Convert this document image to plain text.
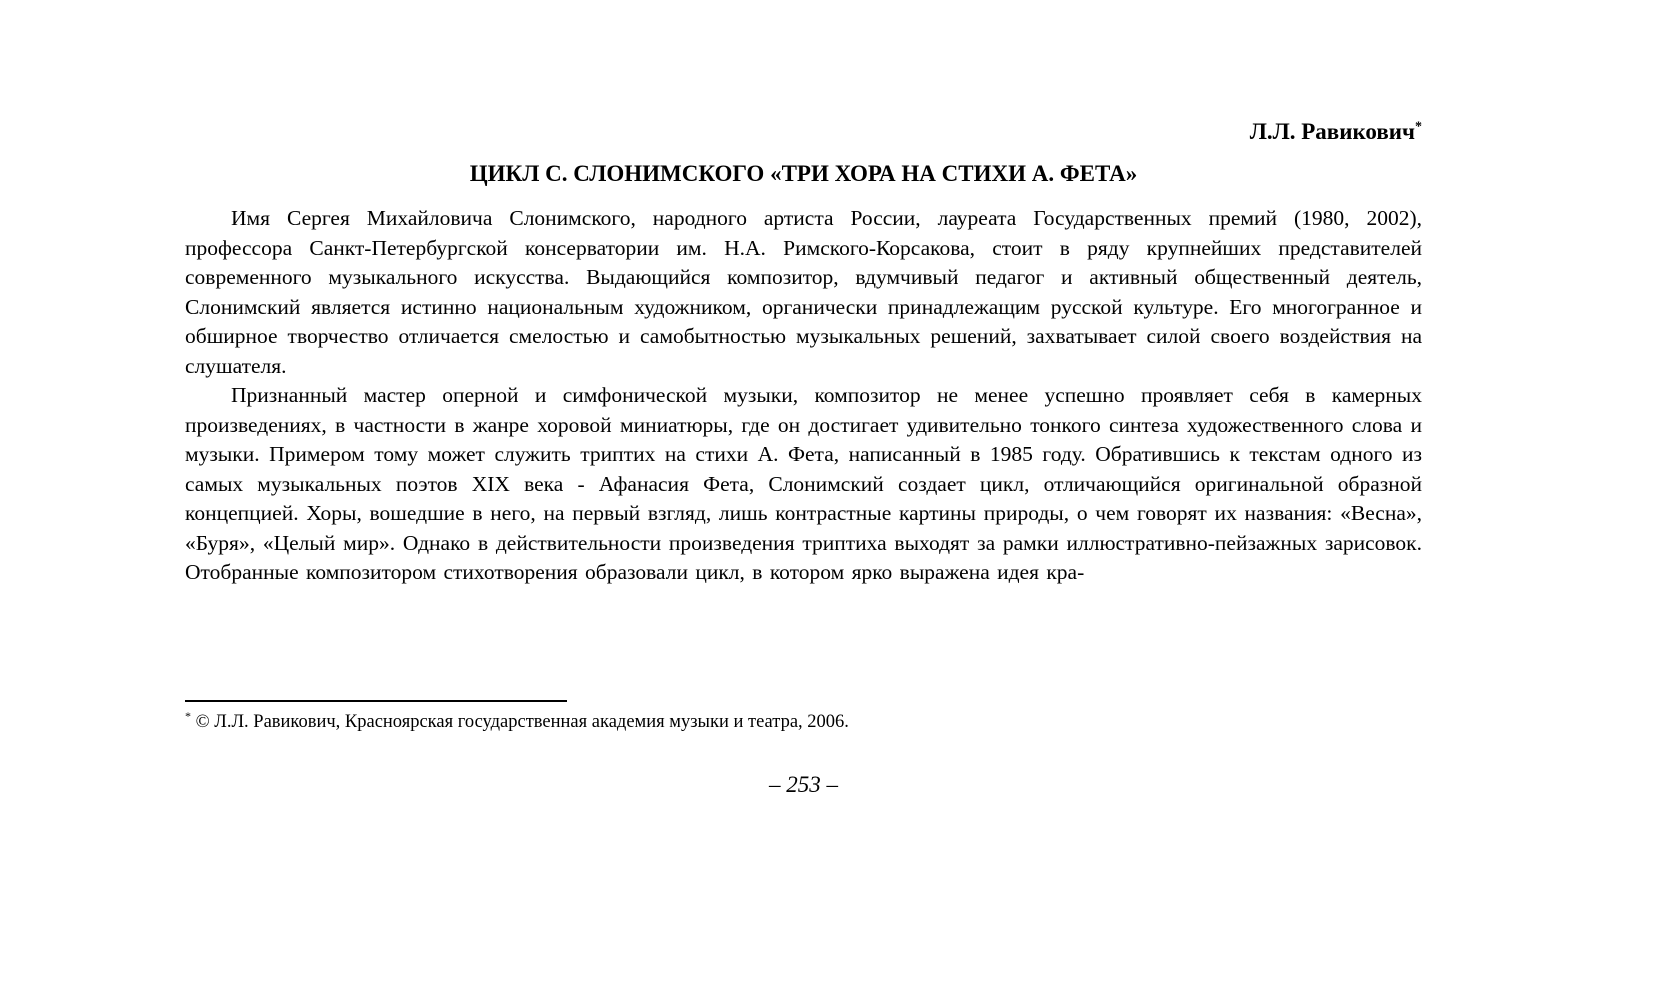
Л.Л. Равикович*
ЦИКЛ С. СЛОНИМСКОГО «ТРИ ХОРА НА СТИХИ А. ФЕТА»

Имя Сергея Михайловича Слонимского, народного артиста России, лауреата Государственных премий (1980, 2002), профессора Санкт-Петербургской консерватории им. Н.А. Римского-Корсакова, стоит в ряду крупнейших представителей современного музыкального искусства. Выдающийся композитор, вдумчивый педагог и активный общественный деятель, Слонимский является истинно национальным художником, органически принадлежащим русской культуре. Его многогранное и обширное творчество отличается смелостью и самобытностью музыкальных решений, захватывает силой своего воздействия на слушателя.

Признанный мастер оперной и симфонической музыки, композитор не менее успешно проявляет себя в камерных произведениях, в частности в жанре хоровой миниатюры, где он достигает удивительно тонкого синтеза художественного слова и музыки. Примером тому может служить триптих на стихи А. Фета, написанный в 1985 году. Обратившись к текстам одного из самых музыкальных поэтов XIX века - Афанасия Фета, Слонимский создает цикл, отличающийся оригинальной образной концепцией. Хоры, вошедшие в него, на первый взгляд, лишь контрастные картины природы, о чем говорят их названия: «Весна», «Буря», «Целый мир». Однако в действительности произведения триптиха выходят за рамки иллюстративно-пейзажных зарисовок. Отобранные композитором стихотворения образовали цикл, в котором ярко выражена идея кра-

* © Л.Л. Равикович, Красноярская государственная академия музыки и театра, 2006.
– 253 –
